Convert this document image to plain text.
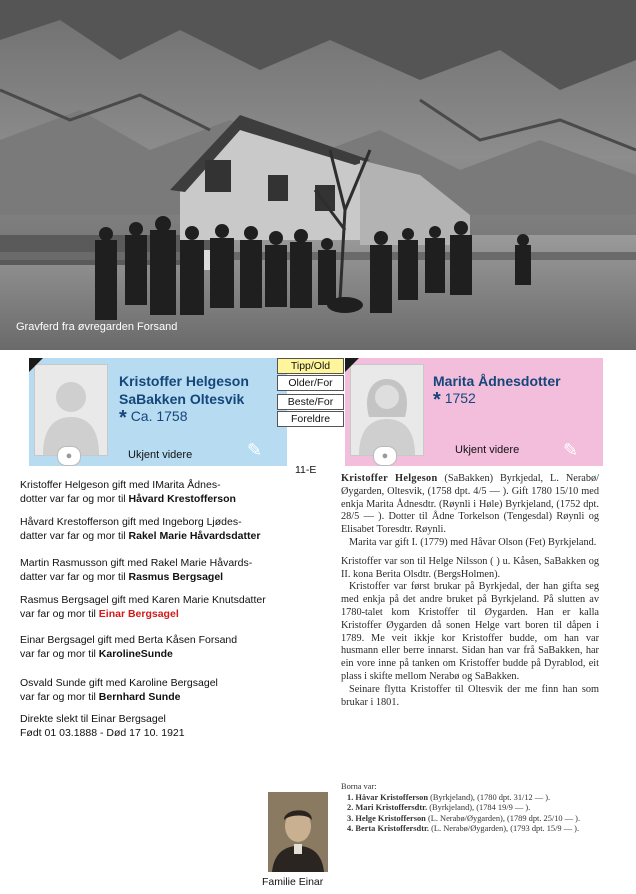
Gravferd fra øvregarden Forsand
●
Kristoffer Helgeson
SaBakken Oltesvik
* Ca. 1758
Ukjent videre	✎
Tipp/Old
Older/For
Beste/For
Foreldre
●
Marita Ådnesdotter
* 1752
Ukjent videre ✎
11-E
Kristoffer Helgeson gift med IMarita Ådnes-
dotter var far og mor til Håvard Krestofferson
Håvard Krestofferson gift med Ingeborg Ljødes-
datter var far og mor til Rakel Marie Håvardsdatter
Martin Rasmusson gift med Rakel Marie Håvards-
datter var far og mor til Rasmus Bergsagel
Rasmus Bergsagel gift med Karen Marie Knutsdatter
var far og mor til Einar Bergsagel
Einar Bergsagel gift med Berta Kåsen Forsand
var far og mor til KarolineSunde
Osvald Sunde gift med Karoline Bergsagel
var far og mor til Bernhard Sunde
Direkte slekt til Einar Bergsagel
Født 01 03.1888 - Død 17 10. 1921

Kristoffer Helgeson (SaBakken) Byrkjedal, L. Nerabø/Øygarden, Oltesvik, (1758 dpt. 4/5 — ). Gift 1780 15/10 med enkja Marita Ådnesdtr. (Røynli i Høle) Byrkjeland, (1752 dpt. 28/5 — ). Dotter til Ådne Torkelson (Tengesdal) Røynli og Elisabet Toresdtr. Røynli.

Marita var gift I. (1779) med Håvar Olson (Fet) Byrkjeland.

Kristoffer var son til Helge Nilsson ( ) u. Kåsen, SaBakken og II. kona Berita Olsdtr. (BergsHolmen).

Kristoffer var først brukar på Byrkjedal, der han gifta seg med enkja på det andre bruket på Byrkjeland. På slutten av 1780-talet kom Kristoffer til Øygarden. Han er kalla Kristoffer Øygarden då sonen Helge vart boren til dåpen i 1789. Me veit ikkje kor Kristoffer budde, om han var husmann eller berre innarst. Sidan han var frå SaBakken, har ein vore inne på tanken om Kristoffer budde på Dyrablod, eit plass i skifte mellom Nerabø og SaBakken.

Seinare flytta Kristoffer til Oltesvik der me finn han som brukar i 1801.

Borna var:

1. Håvar Kristofferson (Byrkjeland), (1780 dpt. 31/12 — ).

2. Mari Kristoffersdtr. (Byrkjeland), (1784 19/9 — ).

3. Helge Kristofferson (L. Nerabø/Øygarden), (1789 dpt. 25/10 — ).

4. Berta Kristoffersdtr. (L. Nerabø/Øygarden), (1793 dpt. 15/9 — ).

Familie Einar
